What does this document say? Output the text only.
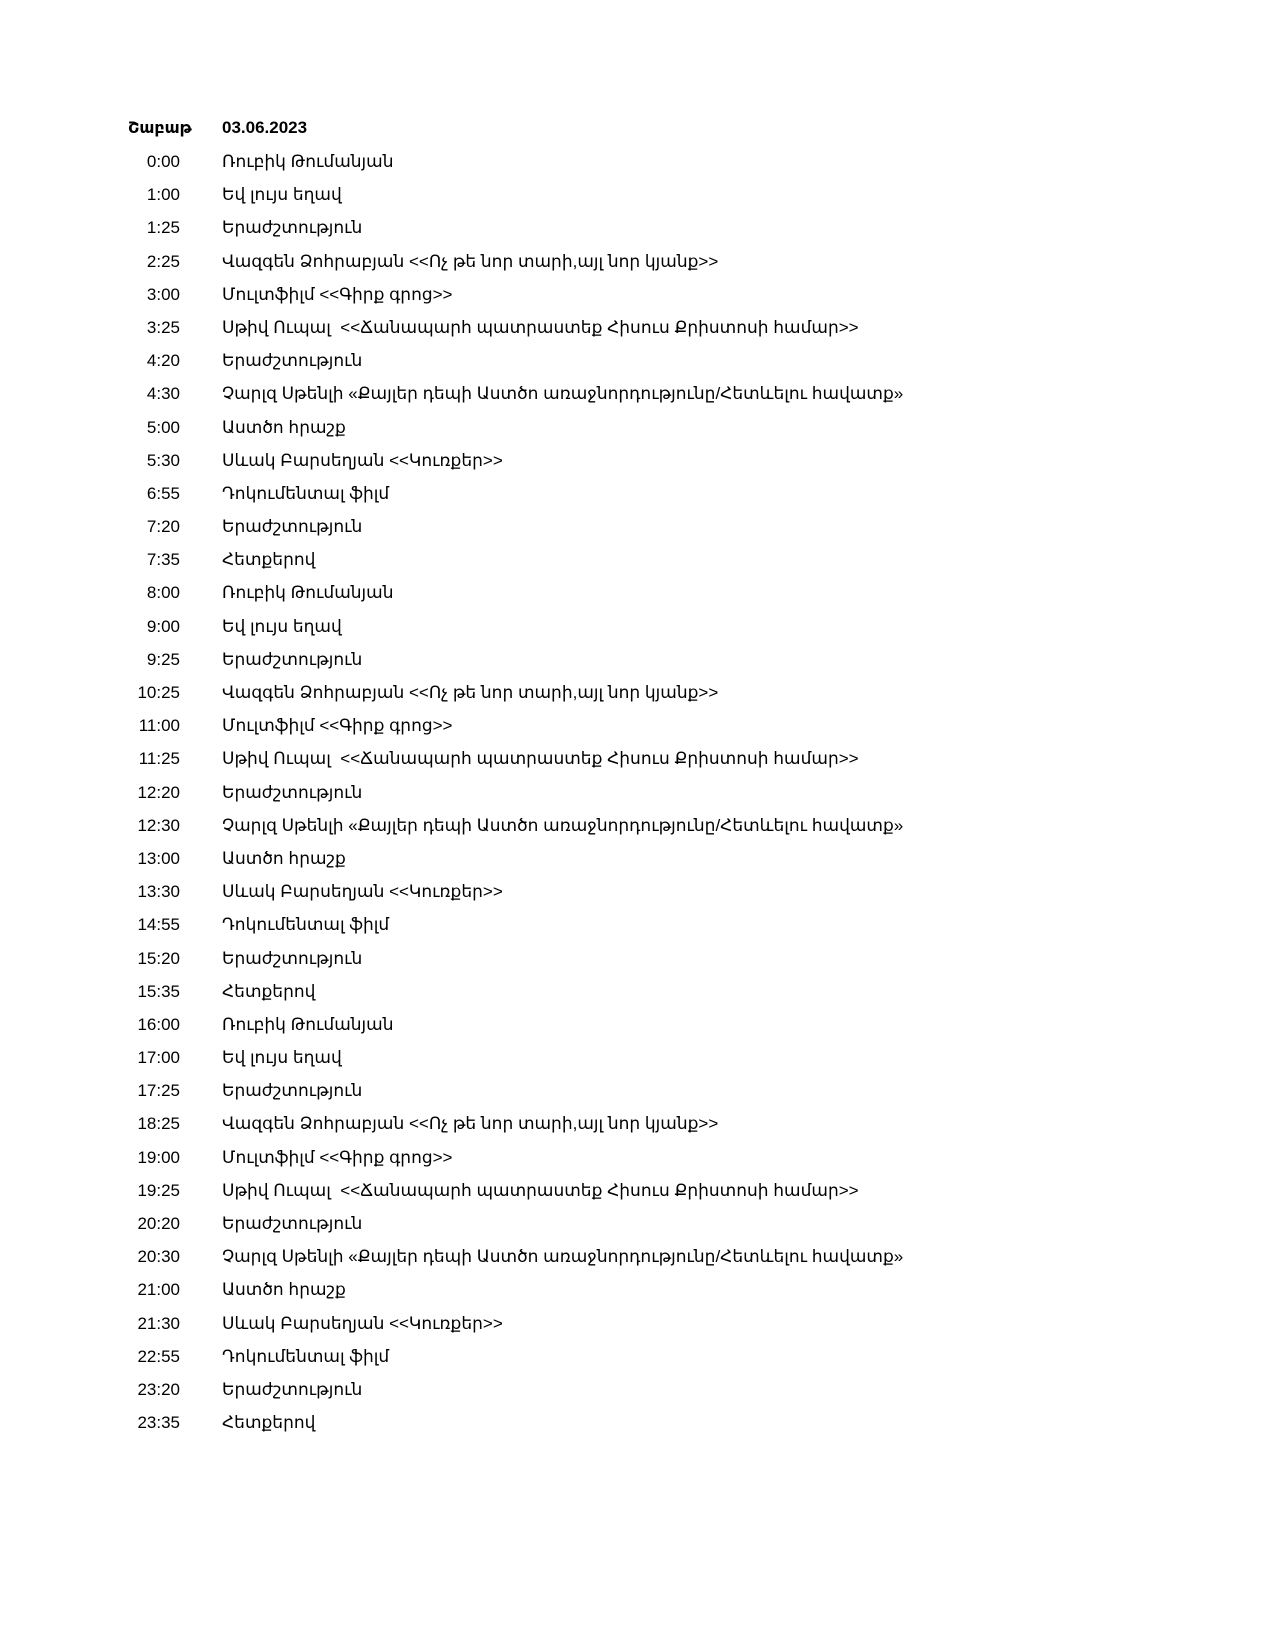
Շաբաթ 03.06.2023
0:00 Ռուբիկ Թումանյան
1:00 Եվ լույս եղավ
1:25 Երաժշտություն
2:25 Վազգեն Ձոհրաբյան <<Ոչ թե նոր տարի,այլ նոր կյանք>>
3:00 Մուլտֆիլմ <<Գիրք գրոց>>
3:25 Սթիվ Ուպալ  <<Ճանապարհ պատրաստեք Հիսուս Քրիստոսի համար>>
4:20 Երաժշտություն
4:30 Չարլզ Սթենլի «Քայլեր դեպի Աստծո առաջնորդությունը/Հետևելու հավատք»
5:00 Աստծո հրաշք
5:30 Սևակ Բարսեղյան <<Կուռքեր>>
6:55 Դոկումենտալ ֆիլմ
7:20 Երաժշտություն
7:35 Հետքերով
8:00 Ռուբիկ Թումանյան
9:00 Եվ լույս եղավ
9:25 Երաժշտություն
10:25 Վազգեն Ձոհրաբյան <<Ոչ թե նոր տարի,այլ նոր կյանք>>
11:00 Մուլտֆիլմ <<Գիրք գրոց>>
11:25 Սթիվ Ուպալ  <<Ճանապարհ պատրաստեք Հիսուս Քրիստոսի համար>>
12:20 Երաժշտություն
12:30 Չարլզ Սթենլի «Քայլեր դեպի Աստծո առաջնորդությունը/Հետևելու հավատք»
13:00 Աստծո հրաշք
13:30 Սևակ Բարսեղյան <<Կուռքեր>>
14:55 Դոկումենտալ ֆիլմ
15:20 Երաժշտություն
15:35 Հետքերով
16:00 Ռուբիկ Թումանյան
17:00 Եվ լույս եղավ
17:25 Երաժշտություն
18:25 Վազգեն Ձոհրաբյան <<Ոչ թե նոր տարի,այլ նոր կյանք>>
19:00 Մուլտֆիլմ <<Գիրք գրոց>>
19:25 Սթիվ Ուպալ  <<Ճանապարհ պատրաստեք Հիսուս Քրիստոսի համար>>
20:20 Երաժշտություն
20:30 Չարլզ Սթենլի «Քայլեր դեպի Աստծո առաջնորդությունը/Հետևելու հավատք»
21:00 Աստծո հրաշք
21:30 Սևակ Բարսեղյան <<Կուռքեր>>
22:55 Դոկումենտալ ֆիլմ
23:20 Երաժշտություն
23:35 Հետքերով
